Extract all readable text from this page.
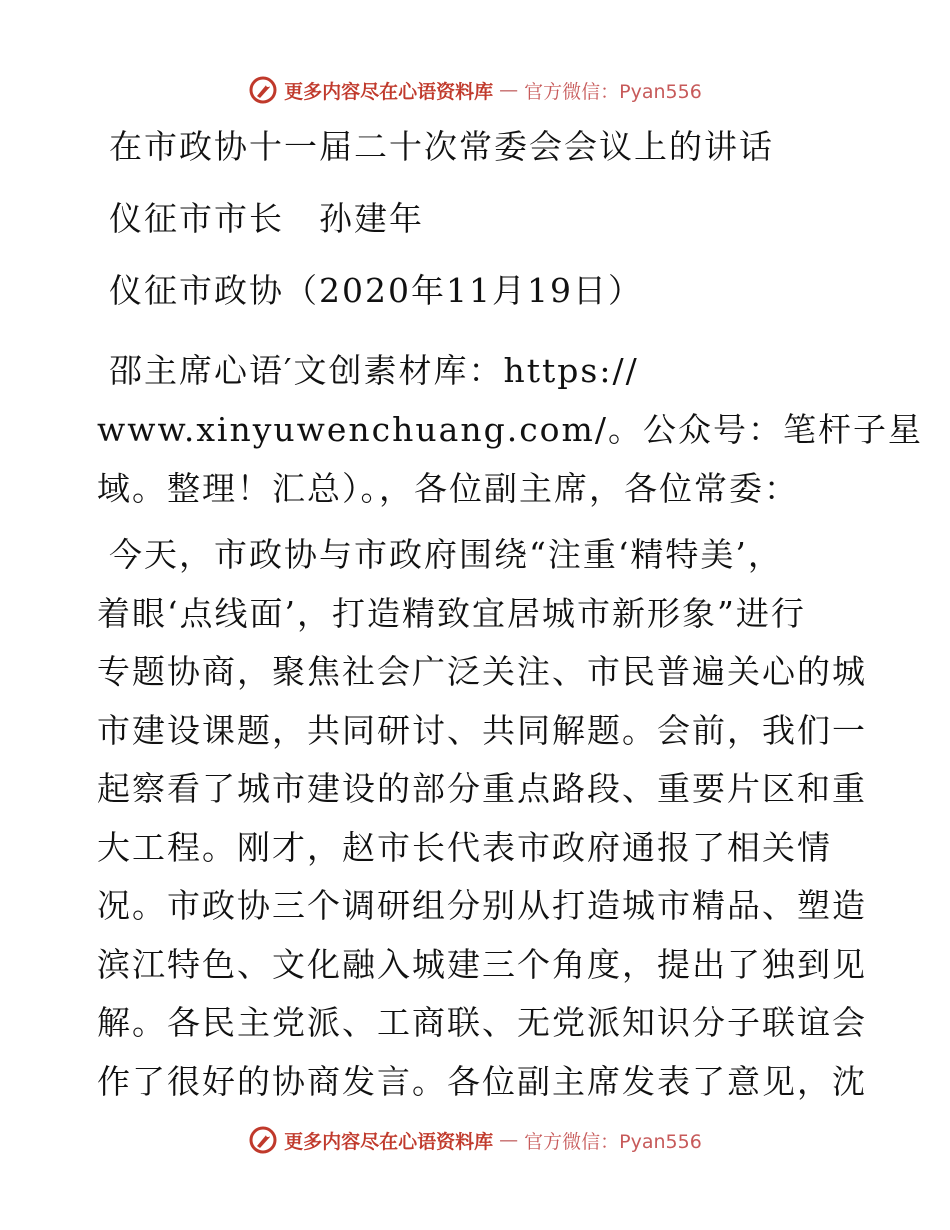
更多内容尽在心语资料库 — 官方微信：Pyan556
在市政协十一届二十次常委会会议上的讲话
仪征市市长　孙建年
仪征市政协（2020年11月19日）
邵主席心语′文创素材库：https://
www.xinyuwenchuang.com/。公众号：笔杆子星
域。整理！汇总）。，各位副主席，各位常委：
今天，市政协与市政府围绕“注重‘精特美’，
着眼‘点线面’，打造精致宜居城市新形象”进行
专题协商，聚焦社会广泛关注、市民普遍关心的城
市建设课题，共同研讨、共同解题。会前，我们一
起察看了城市建设的部分重点路段、重要片区和重
大工程。刚才，赵市长代表市政府通报了相关情
况。市政协三个调研组分别从打造城市精品、塑造
滨江特色、文化融入城建三个角度，提出了独到见
解。各民主党派、工商联、无党派知识分子联谊会
作了很好的协商发言。各位副主席发表了意见，沈
更多内容尽在心语资料库 — 官方微信：Pyan556
